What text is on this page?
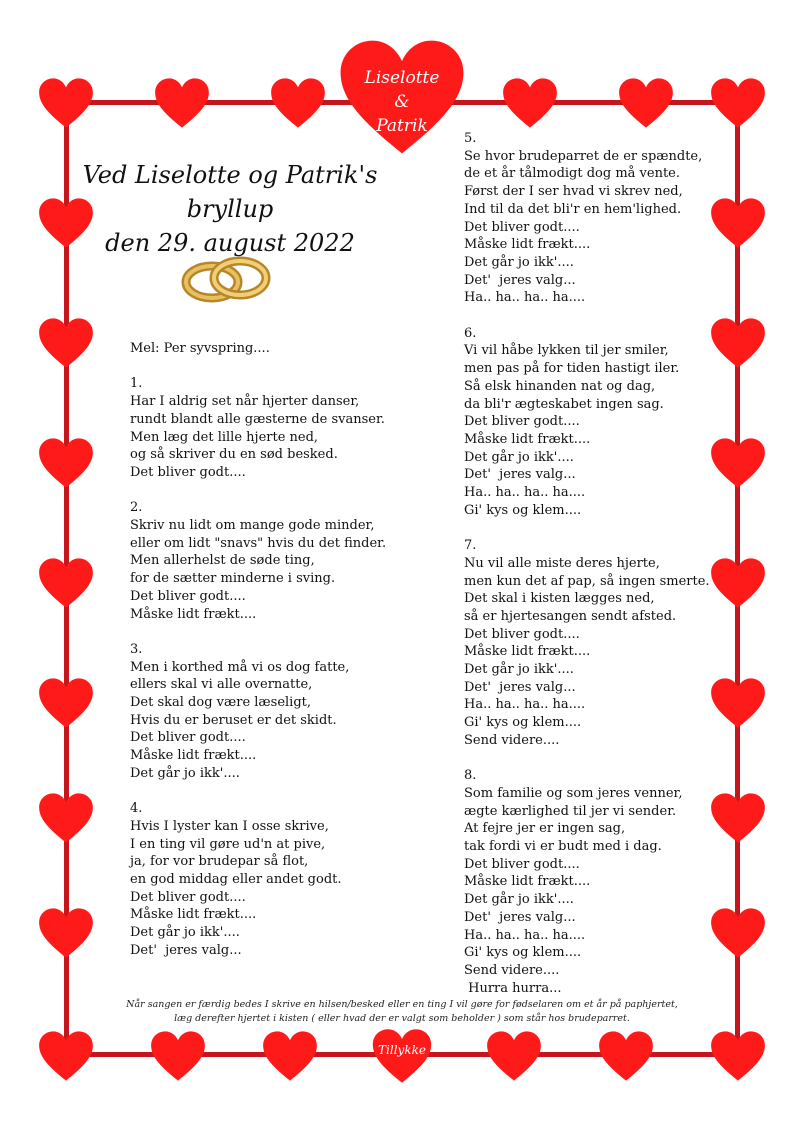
Liselotte
&
Patrik
Ved Liselotte og Patrik's bryllup
den 29. august 2022
Mel: Per syvspring....
1.
Har I aldrig set når hjerter danser,
rundt blandt alle gæsterne de svanser.
Men læg det lille hjerte ned,
og så skriver du en sød besked.
Det bliver godt....
2.
Skriv nu lidt om mange gode minder,
eller om lidt "snavs" hvis du det finder.
Men allerhelst de søde ting,
for de sætter minderne i sving.
Det bliver godt....
Måske lidt frækt....
3.
Men i korthed må vi os dog fatte,
ellers skal vi alle overnatte,
Det skal dog være læseligt,
Hvis du er beruset er det skidt.
Det bliver godt....
Måske lidt frækt....
Det går jo ikk'....
4.
Hvis I lyster kan I osse skrive,
I en ting vil gøre ud'n at pive,
ja, for vor brudepar så flot,
en god middag eller andet godt.
Det bliver godt....
Måske lidt frækt....
Det går jo ikk'....
Det'  jeres valg...
5.
Se hvor brudeparret de er spændte,
de et år tålmodigt dog må vente.
Først der I ser hvad vi skrev ned,
Ind til da det bli'r en hem'lighed.
Det bliver godt....
Måske lidt frækt....
Det går jo ikk'....
Det'  jeres valg...
Ha.. ha.. ha.. ha....
6.
Vi vil håbe lykken til jer smiler,
men pas på for tiden hastigt iler.
Så elsk hinanden nat og dag,
da bli'r ægteskabet ingen sag.
Det bliver godt....
Måske lidt frækt....
Det går jo ikk'....
Det'  jeres valg...
Ha.. ha.. ha.. ha....
Gi' kys og klem....
7.
Nu vil alle miste deres hjerte,
men kun det af pap, så ingen smerte.
Det skal i kisten lægges ned,
så er hjertesangen sendt afsted.
Det bliver godt....
Måske lidt frækt....
Det går jo ikk'....
Det'  jeres valg...
Ha.. ha.. ha.. ha....
Gi' kys og klem....
Send videre....
8.
Som familie og som jeres venner,
ægte kærlighed til jer vi sender.
At fejre jer er ingen sag,
tak fordi vi er budt med i dag.
Det bliver godt....
Måske lidt frækt....
Det går jo ikk'....
Det'  jeres valg...
Ha.. ha.. ha.. ha....
Gi' kys og klem....
Send videre....
Hurra hurra...
Når sangen er færdig bedes I skrive en hilsen/besked eller en ting I vil gøre for fødselaren om et år på paphjertet,
læg derefter hjertet i kisten ( eller hvad der er valgt som beholder ) som står hos brudeparret.
Tillykke
